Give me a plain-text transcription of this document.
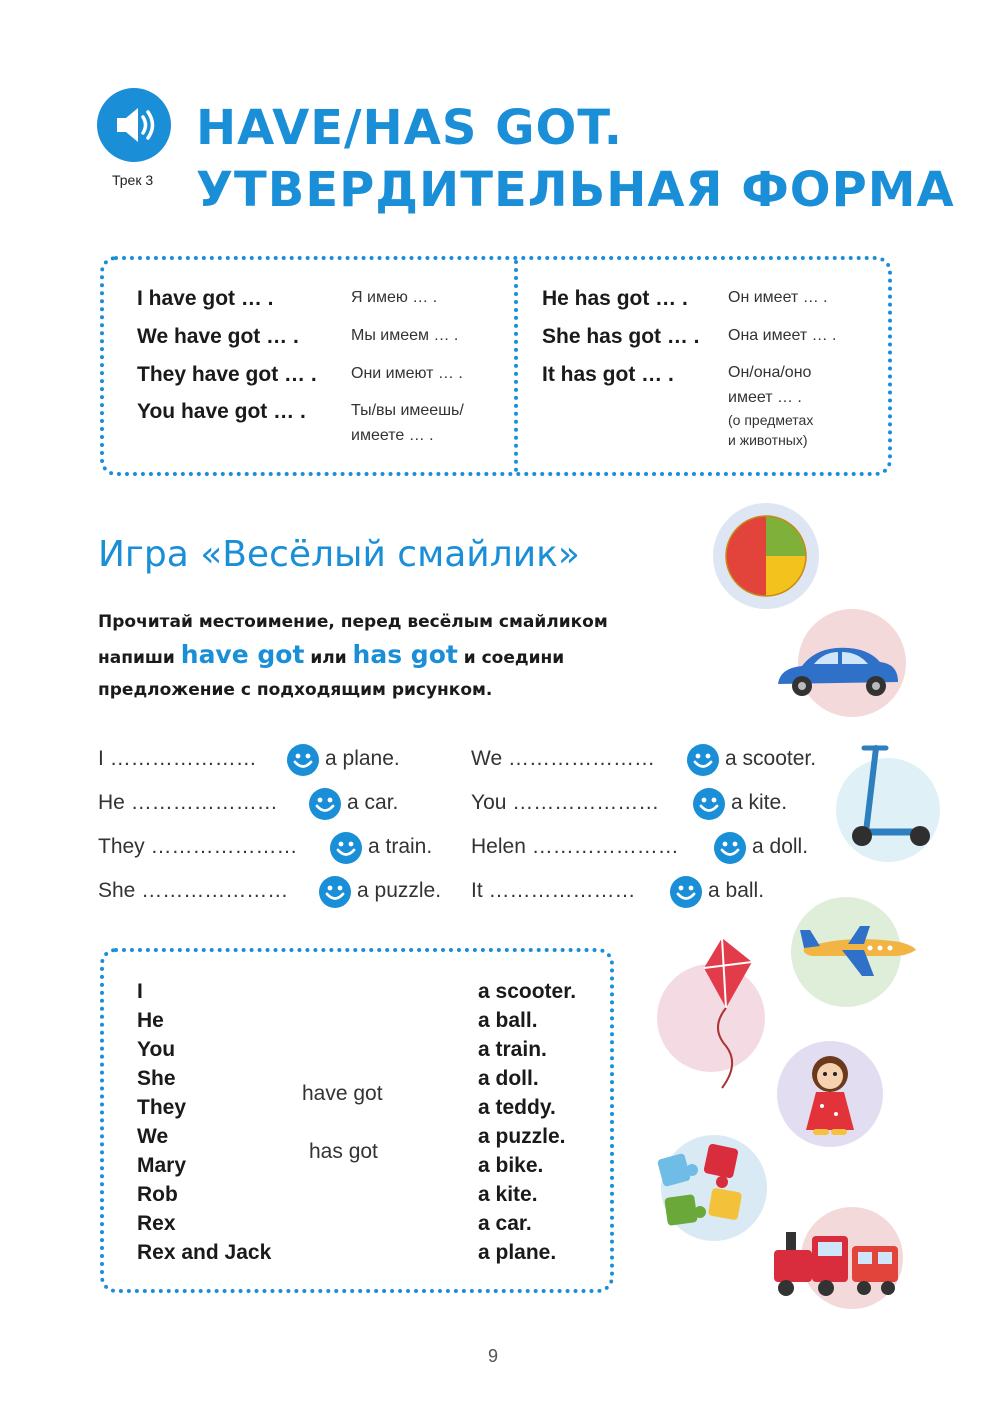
Трек 3
HAVE/HAS GOT.
УТВЕРДИТЕЛЬНАЯ ФОРМА
I have got … .	Я имею … .
We have got … .	Мы имеем … .
They have got … . Они имеют … .
You have got … .	Ты/вы имеешь/
имеете … .
He has got … .	Он имеет … .
She has got … . Она имеет … .
It has got … .	Он/она/оно
имеет … .
(о предметах
и животных)
Игра «Весёлый смайлик»
Прочитай местоимение, перед весёлым смайликом
напиши have got или has got и соедини
предложение с подходящим рисунком.
I …………………	a plane.
He …………………	a car.
They …………………	a train.
She …………………	a puzzle.
We …………………	a scooter.
You …………………	a kite.
Helen …………………	a doll.
It …………………	a ball.
I
He
You
She
They
We
Mary
Rob
Rex
Rex and Jack
have got
has got
a scooter.
a ball.
a train.
a doll.
a teddy.
a puzzle.
a bike.
a kite.
a car.
a plane.
9
